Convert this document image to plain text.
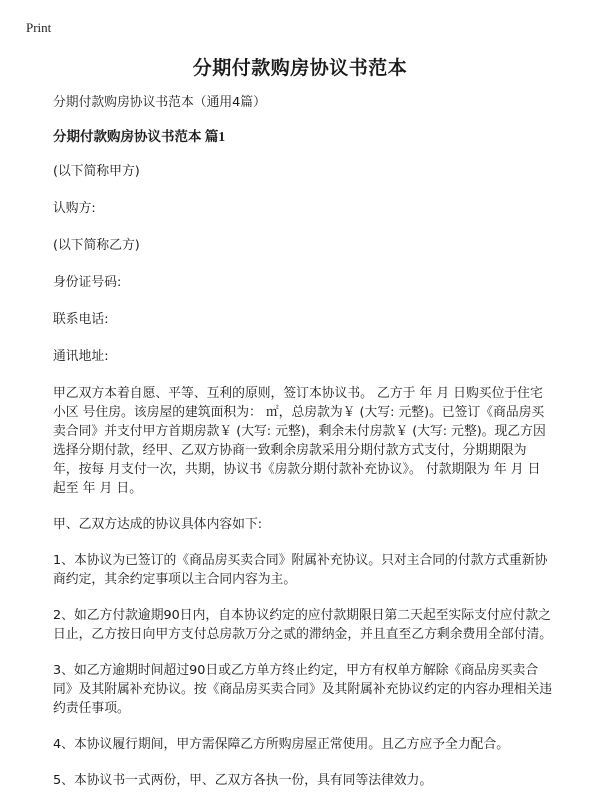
Print
分期付款购房协议书范本

分期付款购房协议书范本（通用4篇）

分期付款购房协议书范本 篇1

(以下简称甲方)

认购方:

(以下简称乙方)

身份证号码:

联系电话:

通讯地址:

甲乙双方本着自愿、平等、互利的原则，签订本协议书。 乙方于 年 月 日购买位于住宅小区 号住房。该房屋的建筑面积为： ㎡，总房款为￥ (大写: 元整)。已签订《商品房买卖合同》并支付甲方首期房款￥ (大写: 元整)，剩余未付房款￥ (大写: 元整)。现乙方因选择分期付款，经甲、乙双方协商一致剩余房款采用分期付款方式支付，分期期限为 年，按每 月支付一次，共期，协议书《房款分期付款补充协议》。 付款期限为 年 月 日起至 年 月 日。

甲、乙双方达成的协议具体内容如下:

1、本协议为已签订的《商品房买卖合同》附属补充协议。只对主合同的付款方式重新协商约定，其余约定事项以主合同内容为主。

2、如乙方付款逾期90日内，自本协议约定的应付款期限日第二天起至实际支付应付款之日止，乙方按日向甲方支付总房款万分之贰的滞纳金，并且直至乙方剩余费用全部付清。

3、如乙方逾期时间超过90日或乙方单方终止约定，甲方有权单方解除《商品房买卖合同》及其附属补充协议。按《商品房买卖合同》及其附属补充协议约定的内容办理相关违约责任事项。

4、本协议履行期间，甲方需保障乙方所购房屋正常使用。且乙方应予全力配合。

5、本协议书一式两份，甲、乙双方各执一份，具有同等法律效力。
